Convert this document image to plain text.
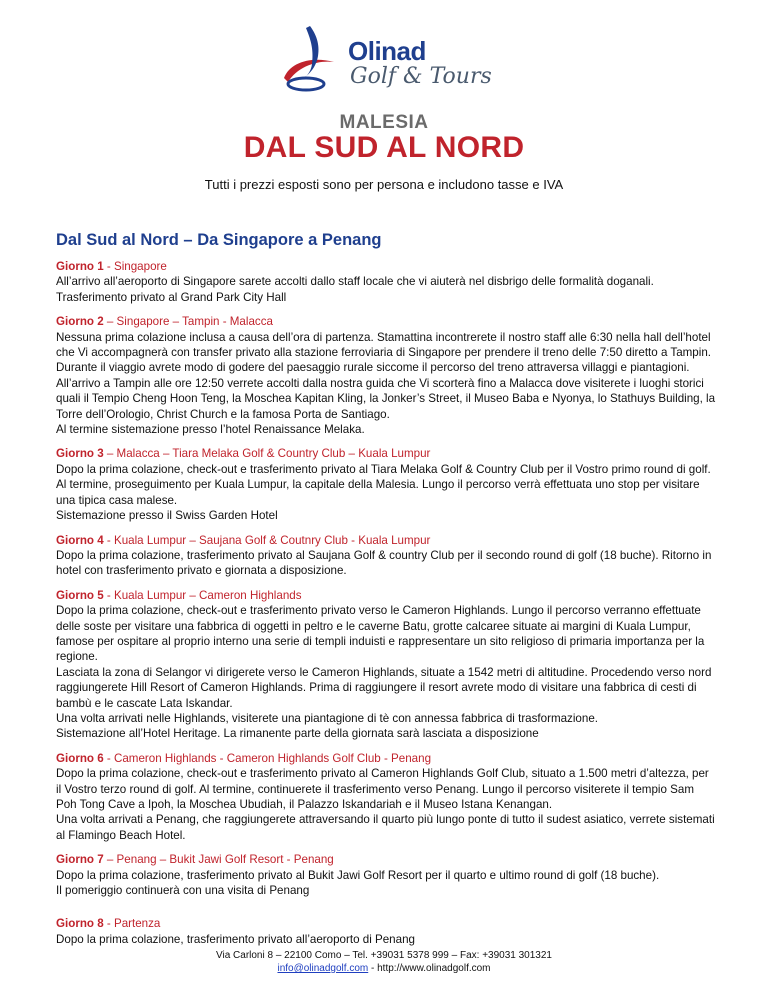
Olinad
Golf & Tours
MALESIA
DAL SUD AL NORD
Tutti i prezzi esposti sono per persona e includono tasse e IVA
Dal Sud al Nord – Da Singapore a Penang
Giorno 1 - Singapore

All’arrivo all’aeroporto di Singapore sarete accolti dallo staff locale che vi aiuterà nel disbrigo delle formalità doganali.

Trasferimento privato al Grand Park City Hall

Giorno 2 – Singapore – Tampin - Malacca

Nessuna prima colazione inclusa a causa dell’ora di partenza. Stamattina incontrerete il nostro staff alle 6:30 nella hall dell’hotel che Vi accompagnerà con transfer privato alla stazione ferroviaria di Singapore per prendere il treno delle 7:50 diretto a Tampin. Durante il viaggio avrete modo di godere del paesaggio rurale siccome il percorso del treno attraversa villaggi e piantagioni.

All’arrivo a Tampin alle ore 12:50 verrete accolti dalla nostra guida che Vi scorterà fino a Malacca dove visiterete i luoghi storici quali il Tempio Cheng Hoon Teng, la Moschea Kapitan Kling, la Jonker’s Street, il Museo Baba e Nyonya, lo Stathuys Building, la Torre dell’Orologio, Christ Church e la famosa Porta de Santiago.

Al termine sistemazione presso l’hotel Renaissance Melaka.

Giorno 3 – Malacca – Tiara Melaka Golf & Country Club – Kuala Lumpur

Dopo la prima colazione, check-out e trasferimento privato al Tiara Melaka Golf & Country Club per il Vostro primo round di golf. Al termine, proseguimento per Kuala Lumpur, la capitale della Malesia. Lungo il percorso verrà effettuata uno stop per visitare una tipica casa malese.

Sistemazione presso il Swiss Garden Hotel

Giorno 4 - Kuala Lumpur – Saujana Golf & Coutnry Club - Kuala Lumpur

Dopo la prima colazione, trasferimento privato al Saujana Golf & country Club per il secondo round di golf (18 buche). Ritorno in hotel con trasferimento privato e giornata a disposizione.

Giorno 5 - Kuala Lumpur – Cameron Highlands

Dopo la prima colazione, check-out e trasferimento privato verso le Cameron Highlands. Lungo il percorso verranno effettuate delle soste per visitare una fabbrica di oggetti in peltro e le caverne Batu, grotte calcaree situate ai margini di Kuala Lumpur, famose per ospitare al proprio interno una serie di templi induisti e rappresentare un sito religioso di primaria importanza per la regione.

Lasciata la zona di Selangor vi dirigerete verso le Cameron Highlands, situate a 1542 metri di altitudine. Procedendo verso nord raggiungerete Hill Resort of Cameron Highlands. Prima di raggiungere il resort avrete modo di visitare una fabbrica di cesti di bambù e le cascate Lata Iskandar.

Una volta arrivati nelle Highlands, visiterete una piantagione di tè con annessa fabbrica di trasformazione.

Sistemazione all’Hotel Heritage. La rimanente parte della giornata sarà lasciata a disposizione

Giorno 6 - Cameron Highlands - Cameron Highlands Golf Club - Penang

Dopo la prima colazione, check-out e trasferimento privato al Cameron Highlands Golf Club, situato a 1.500 metri d’altezza, per il Vostro terzo round di golf. Al termine, continuerete il trasferimento verso Penang. Lungo il percorso visiterete il tempio Sam Poh Tong Cave a Ipoh, la Moschea Ubudiah, il Palazzo Iskandariah e il Museo Istana Kenangan.

Una volta arrivati a Penang, che raggiungerete attraversando il quarto più lungo ponte di tutto il sudest asiatico, verrete sistemati al Flamingo Beach Hotel.

Giorno 7 – Penang – Bukit Jawi Golf Resort - Penang

Dopo la prima colazione, trasferimento privato al Bukit Jawi Golf Resort per il quarto e ultimo round di golf (18 buche).

Il pomeriggio continuerà con una visita di Penang

Giorno 8 - Partenza

Dopo la prima colazione, trasferimento privato all’aeroporto di Penang

Via Carloni 8 – 22100 Como – Tel. +39031 5378 999 – Fax: +39031 301321
info@olinadgolf.com - http://www.olinadgolf.com
